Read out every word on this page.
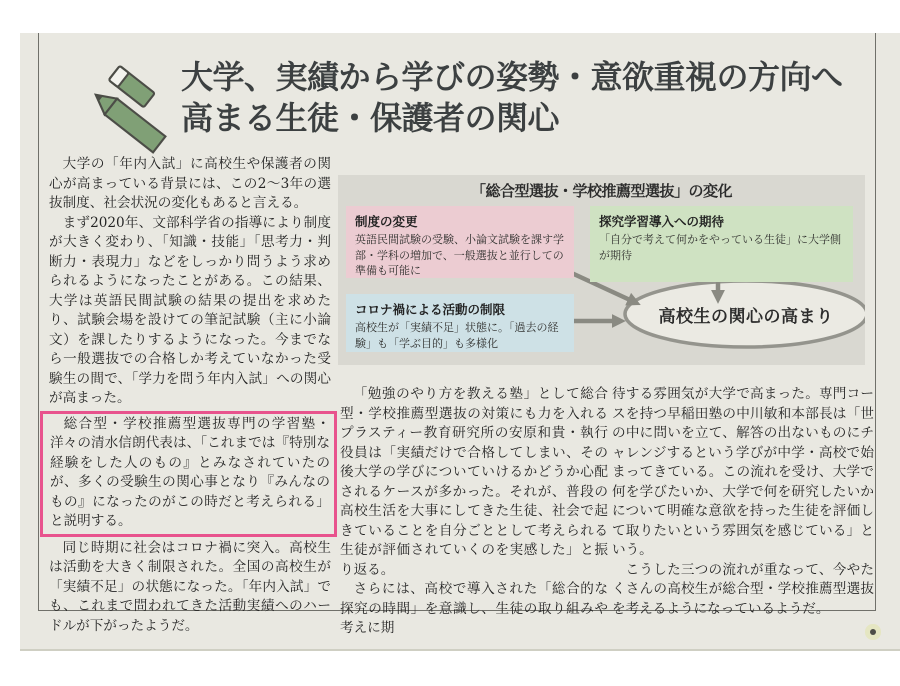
大学、実績から学びの姿勢・意欲重視の方向へ
高まる生徒・保護者の関心

大学の「年内入試」に高校生や保護者の関心が高まっている背景には、この2〜3年の選抜制度、社会状況の変化もあると言える。

まず2020年、文部科学省の指導により制度が大きく変わり、「知識・技能」「思考力・判断力・表現力」などをしっかり問うよう求められるようになったことがある。この結果、大学は英語民間試験の結果の提出を求めたり、試験会場を設けての筆記試験（主に小論文）を課したりするようになった。今までなら一般選抜での合格しか考えていなかった受験生の間で、「学力を問う年内入試」への関心が高まった。

総合型・学校推薦型選抜専門の学習塾・洋々の清水信朗代表は、「これまでは『特別な経験をした人のもの』とみなされていたのが、多くの受験生の関心事となり『みんなのもの』になったのがこの時だと考えられる」と説明する。

同じ時期に社会はコロナ禍に突入。高校生は活動を大きく制限された。全国の高校生が「実績不足」の状態になった。「年内入試」でも、これまで問われてきた活動実績へのハードルが下がったようだ。

「総合型選抜・学校推薦型選抜」の変化
制度の変更
英語民間試験の受験、小論文試験を課す学部・学科の増加で、一般選抜と並行しての準備も可能に
探究学習導入への期待
「自分で考えて何かをやっている生徒」に大学側が期待
コロナ禍による活動の制限
高校生が「実績不足」状態に。「過去の経験」も「学ぶ目的」も多様化
高校生の関心の高まり

「勉強のやり方を教える塾」として総合型・学校推薦型選抜の対策にも力を入れるプラスティー教育研究所の安原和貴・執行役員は「実績だけで合格してしまい、その後大学の学びについていけるかどうか心配されるケースが多かった。それが、普段の高校生活を大事にしてきた生徒、社会で起きていることを自分ごととして考えられる生徒が評価されていくのを実感した」と振り返る。

さらには、高校で導入された「総合的な探究の時間」を意識し、生徒の取り組みや考えに期

待する雰囲気が大学で高まった。専門コースを持つ早稲田塾の中川敏和本部長は「世の中に問いを立て、解答の出ないものにチャレンジするという学びが中学・高校で始まってきている。この流れを受け、大学で何を学びたいか、大学で何を研究したいかについて明確な意欲を持った生徒を評価して取りたいという雰囲気を感じている」という。

こうした三つの流れが重なって、今やたくさんの高校生が総合型・学校推薦型選抜を考えるようになっているようだ。
